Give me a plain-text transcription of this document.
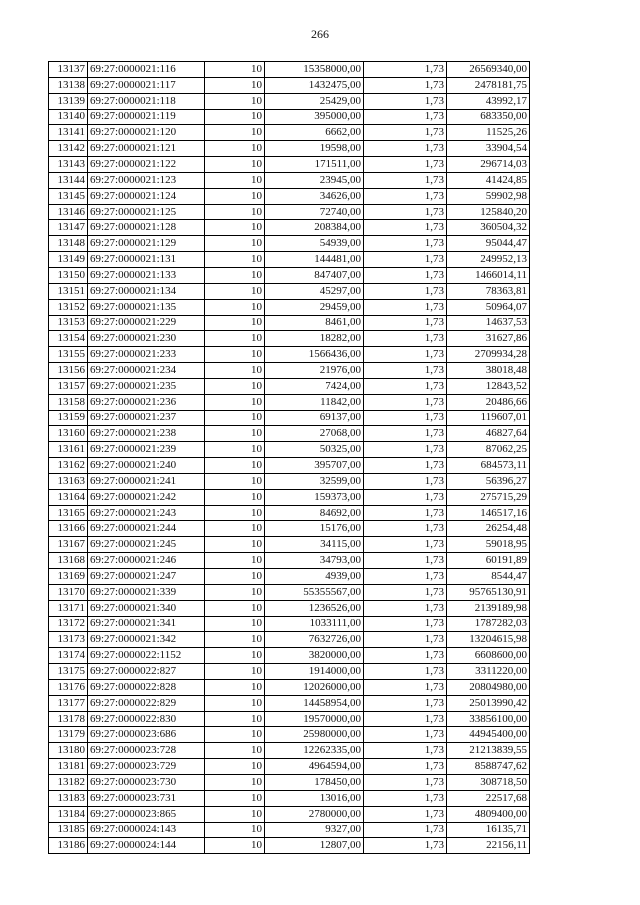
266
13137	69:27:0000021:116	10	15358000,00	1,73	26569340,00
13138	69:27:0000021:117	10	1432475,00	1,73	2478181,75
13139	69:27:0000021:118	10	25429,00	1,73	43992,17
13140	69:27:0000021:119	10	395000,00	1,73	683350,00
13141	69:27:0000021:120	10	6662,00	1,73	11525,26
13142	69:27:0000021:121	10	19598,00	1,73	33904,54
13143	69:27:0000021:122	10	171511,00	1,73	296714,03
13144	69:27:0000021:123	10	23945,00	1,73	41424,85
13145	69:27:0000021:124	10	34626,00	1,73	59902,98
13146	69:27:0000021:125	10	72740,00	1,73	125840,20
13147	69:27:0000021:128	10	208384,00	1,73	360504,32
13148	69:27:0000021:129	10	54939,00	1,73	95044,47
13149	69:27:0000021:131	10	144481,00	1,73	249952,13
13150	69:27:0000021:133	10	847407,00	1,73	1466014,11
13151	69:27:0000021:134	10	45297,00	1,73	78363,81
13152	69:27:0000021:135	10	29459,00	1,73	50964,07
13153	69:27:0000021:229	10	8461,00	1,73	14637,53
13154	69:27:0000021:230	10	18282,00	1,73	31627,86
13155	69:27:0000021:233	10	1566436,00	1,73	2709934,28
13156	69:27:0000021:234	10	21976,00	1,73	38018,48
13157	69:27:0000021:235	10	7424,00	1,73	12843,52
13158	69:27:0000021:236	10	11842,00	1,73	20486,66
13159	69:27:0000021:237	10	69137,00	1,73	119607,01
13160	69:27:0000021:238	10	27068,00	1,73	46827,64
13161	69:27:0000021:239	10	50325,00	1,73	87062,25
13162	69:27:0000021:240	10	395707,00	1,73	684573,11
13163	69:27:0000021:241	10	32599,00	1,73	56396,27
13164	69:27:0000021:242	10	159373,00	1,73	275715,29
13165	69:27:0000021:243	10	84692,00	1,73	146517,16
13166	69:27:0000021:244	10	15176,00	1,73	26254,48
13167	69:27:0000021:245	10	34115,00	1,73	59018,95
13168	69:27:0000021:246	10	34793,00	1,73	60191,89
13169	69:27:0000021:247	10	4939,00	1,73	8544,47
13170	69:27:0000021:339	10	55355567,00	1,73	95765130,91
13171	69:27:0000021:340	10	1236526,00	1,73	2139189,98
13172	69:27:0000021:341	10	1033111,00	1,73	1787282,03
13173	69:27:0000021:342	10	7632726,00	1,73	13204615,98
13174	69:27:0000022:1152	10	3820000,00	1,73	6608600,00
13175	69:27:0000022:827	10	1914000,00	1,73	3311220,00
13176	69:27:0000022:828	10	12026000,00	1,73	20804980,00
13177	69:27:0000022:829	10	14458954,00	1,73	25013990,42
13178	69:27:0000022:830	10	19570000,00	1,73	33856100,00
13179	69:27:0000023:686	10	25980000,00	1,73	44945400,00
13180	69:27:0000023:728	10	12262335,00	1,73	21213839,55
13181	69:27:0000023:729	10	4964594,00	1,73	8588747,62
13182	69:27:0000023:730	10	178450,00	1,73	308718,50
13183	69:27:0000023:731	10	13016,00	1,73	22517,68
13184	69:27:0000023:865	10	2780000,00	1,73	4809400,00
13185	69:27:0000024:143	10	9327,00	1,73	16135,71
13186	69:27:0000024:144	10	12807,00	1,73	22156,11
